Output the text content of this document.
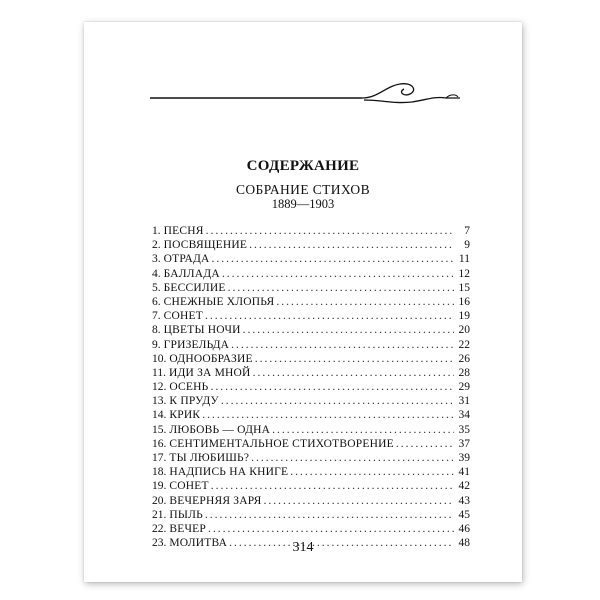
СОДЕРЖАНИЕ
СОБРАНИЕ СТИХОВ
1889—1903
1. ПЕСНЯ .....	7
2. ПОСВЯЩЕНИЕ .....	9
3. ОТРАДА .....	11
4. БАЛЛАДА .....	12
5. БЕССИЛИЕ .....	15
6. СНЕЖНЫЕ ХЛОПЬЯ .....	16
7. СОНЕТ .....	19
8. ЦВЕТЫ НОЧИ .....	20
9. ГРИЗЕЛЬДА .....	22
10. ОДНООБРАЗИЕ .....	26
11. ИДИ ЗА МНОЙ .....	28
12. ОСЕНЬ .....	29
13. К ПРУДУ .....	31
14. КРИК .....	34
15. ЛЮБОВЬ — ОДНА .....	35
16. СЕНТИМЕНТАЛЬНОЕ СТИХОТВОРЕНИЕ .....	37
17. ТЫ ЛЮБИШЬ? .....	39
18. НАДПИСЬ НА КНИГЕ .....	41
19. СОНЕТ .....	42
20. ВЕЧЕРНЯЯ ЗАРЯ .....	43
21. ПЫЛЬ .....	45
22. ВЕЧЕР .....	46
23. МОЛИТВА .....	48
314
